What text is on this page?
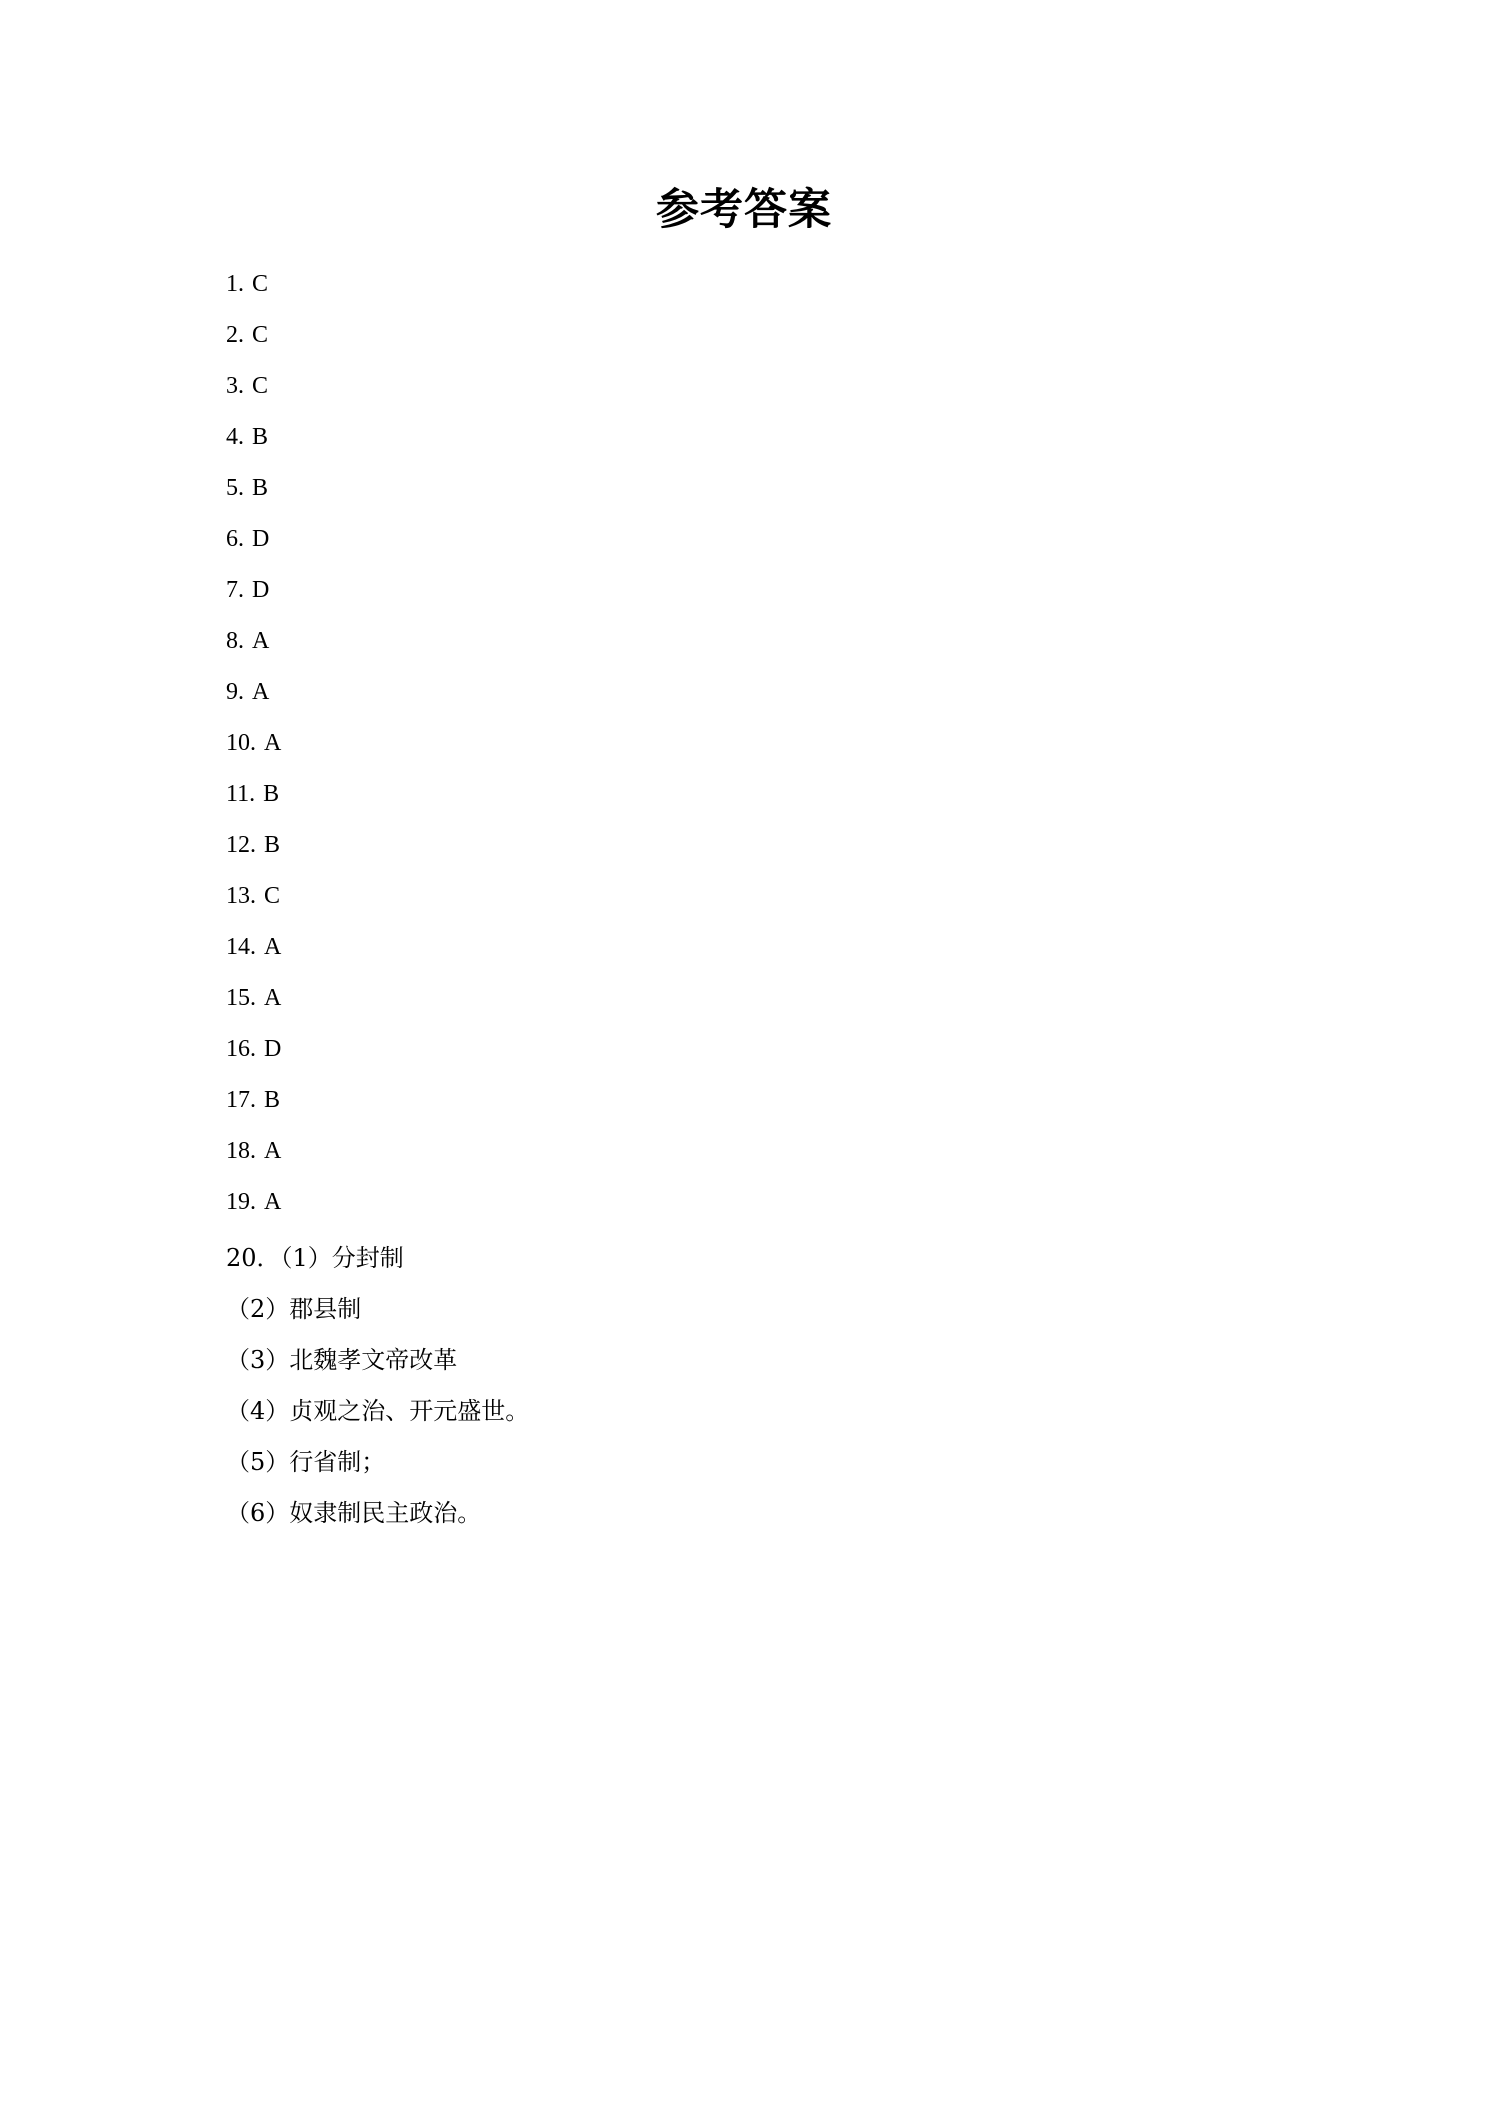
参考答案
1. C
2. C
3. C
4. B
5. B
6. D
7. D
8. A
9. A
10. A
11. B
12. B
13. C
14. A
15. A
16. D
17. B
18. A
19. A
20．（1）分封制
（2）郡县制
（3）北魏孝文帝改革
（4）贞观之治、开元盛世。
（5）行省制；
（6）奴隶制民主政治。
